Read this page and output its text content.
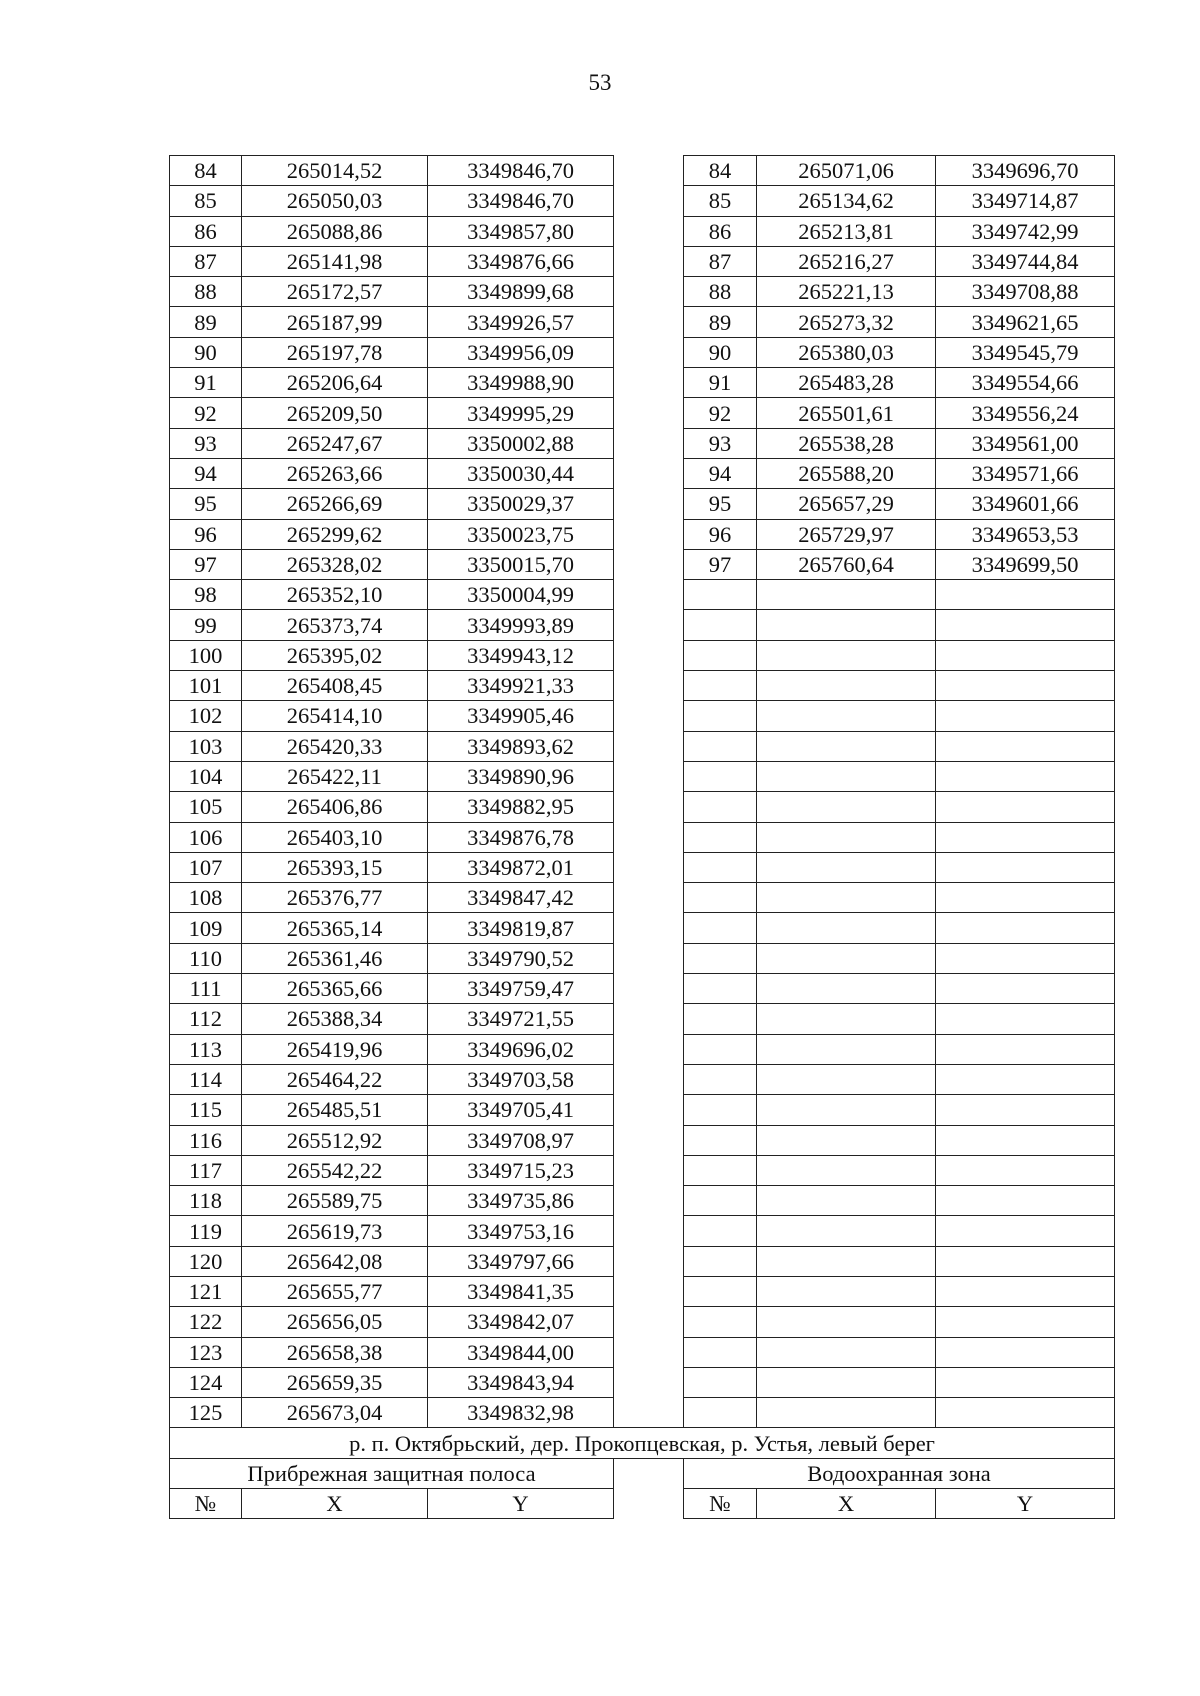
53
84	265014,52	3349846,70		84	265071,06	3349696,70
85	265050,03	3349846,70		85	265134,62	3349714,87
86	265088,86	3349857,80		86	265213,81	3349742,99
87	265141,98	3349876,66		87	265216,27	3349744,84
88	265172,57	3349899,68		88	265221,13	3349708,88
89	265187,99	3349926,57		89	265273,32	3349621,65
90	265197,78	3349956,09		90	265380,03	3349545,79
91	265206,64	3349988,90		91	265483,28	3349554,66
92	265209,50	3349995,29		92	265501,61	3349556,24
93	265247,67	3350002,88		93	265538,28	3349561,00
94	265263,66	3350030,44		94	265588,20	3349571,66
95	265266,69	3350029,37		95	265657,29	3349601,66
96	265299,62	3350023,75		96	265729,97	3349653,53
97	265328,02	3350015,70		97	265760,64	3349699,50
98	265352,10	3350004,99				
99	265373,74	3349993,89				
100	265395,02	3349943,12				
101	265408,45	3349921,33				
102	265414,10	3349905,46				
103	265420,33	3349893,62				
104	265422,11	3349890,96				
105	265406,86	3349882,95				
106	265403,10	3349876,78				
107	265393,15	3349872,01				
108	265376,77	3349847,42				
109	265365,14	3349819,87				
110	265361,46	3349790,52				
111	265365,66	3349759,47				
112	265388,34	3349721,55				
113	265419,96	3349696,02				
114	265464,22	3349703,58				
115	265485,51	3349705,41				
116	265512,92	3349708,97				
117	265542,22	3349715,23				
118	265589,75	3349735,86				
119	265619,73	3349753,16				
120	265642,08	3349797,66				
121	265655,77	3349841,35				
122	265656,05	3349842,07				
123	265658,38	3349844,00				
124	265659,35	3349843,94				
125	265673,04	3349832,98				
р. п. Октябрьский, дер. Прокопцевская, р. Устья, левый берег						
Прибрежная защитная полоса				Водоохранная зона		
№	X	Y		№	X	Y
